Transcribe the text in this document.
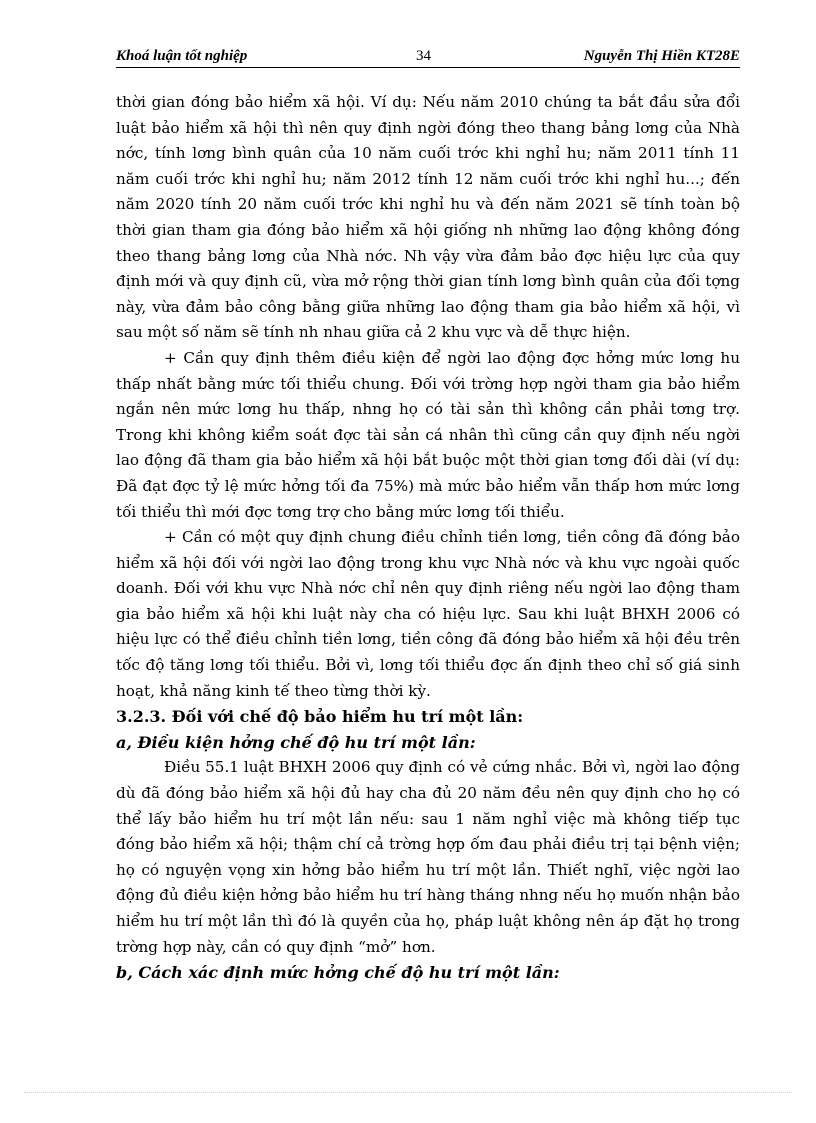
Khoá luận tốt nghiệp	34	Nguyễn Thị Hiền KT28E

thời gian đóng bảo hiểm xã hội. Ví dụ: Nếu năm 2010 chúng ta bắt đầu sửa đổi luật bảo hiểm xã hội thì nên quy định ngời đóng theo thang bảng lơng của Nhà nớc, tính lơng bình quân của 10 năm cuối trớc khi nghỉ hu; năm 2011 tính 11 năm cuối trớc khi nghỉ hu; năm 2012 tính 12 năm cuối trớc khi nghỉ hu...; đến năm 2020 tính 20 năm cuối trớc khi nghỉ hu và đến năm 2021 sẽ tính toàn bộ thời gian tham gia đóng bảo hiểm xã hội giống nh những lao động không đóng theo thang bảng lơng của Nhà nớc. Nh vậy vừa đảm bảo đợc hiệu lực của quy định mới và quy định cũ, vừa mở rộng thời gian tính lơng bình quân của đối tợng này, vừa đảm bảo công bằng giữa những lao động tham gia bảo hiểm xã hội, vì sau một số năm sẽ tính nh nhau giữa cả 2 khu vực và dễ thực hiện.

+ Cần quy định thêm điều kiện để ngời lao động đợc hởng mức lơng hu thấp nhất bằng mức tối thiểu chung. Đối với trờng hợp ngời tham gia bảo hiểm ngắn nên mức lơng hu thấp, nhng họ có tài sản thì không cần phải tơng trợ. Trong khi không kiểm soát đợc tài sản cá nhân thì cũng cần quy định nếu ngời lao động đã tham gia bảo hiểm xã hội bắt buộc một thời gian tơng đối dài (ví dụ: Đã đạt đợc tỷ lệ mức hởng tối đa 75%) mà mức bảo hiểm vẫn thấp hơn mức lơng tối thiểu thì mới đợc tơng trợ cho bằng mức lơng tối thiểu.

+ Cần có một quy định chung điều chỉnh tiền lơng, tiền công đã đóng bảo hiểm xã hội đối với ngời lao động trong khu vực Nhà nớc và khu vực ngoài quốc doanh. Đối với khu vực Nhà nớc chỉ nên quy định riêng nếu ngời lao động tham gia bảo hiểm xã hội khi luật này cha có hiệu lực. Sau khi luật BHXH 2006 có hiệu lực có thể điều chỉnh tiền lơng, tiền công đã đóng bảo hiểm xã hội đều trên tốc độ tăng lơng tối thiểu. Bởi vì, lơng tối thiểu đợc ấn định theo chỉ số giá sinh hoạt, khả năng kinh tế theo từng thời kỳ.

3.2.3. Đối với chế độ bảo hiểm hu trí một lần:

a, Điều kiện hởng chế độ hu trí một lần:

Điều 55.1 luật BHXH 2006 quy định có vẻ cứng nhắc. Bởi vì, ngời lao động dù đã đóng bảo hiểm xã hội đủ hay cha đủ 20 năm đều nên quy định cho họ có thể lấy bảo hiểm hu trí một lần nếu: sau 1 năm nghỉ việc mà không tiếp tục đóng bảo hiểm xã hội; thậm chí cả trờng hợp ốm đau phải điều trị tại bệnh viện; họ có nguyện vọng xin hởng bảo hiểm hu trí một lần. Thiết nghĩ, việc ngời lao động đủ điều kiện hởng bảo hiểm hu trí hàng tháng nhng nếu họ muốn nhận bảo hiểm hu trí một lần thì đó là quyền của họ, pháp luật không nên áp đặt họ trong trờng hợp này, cần có quy định “mở” hơn.

b, Cách xác định mức hởng chế độ hu trí một lần:
